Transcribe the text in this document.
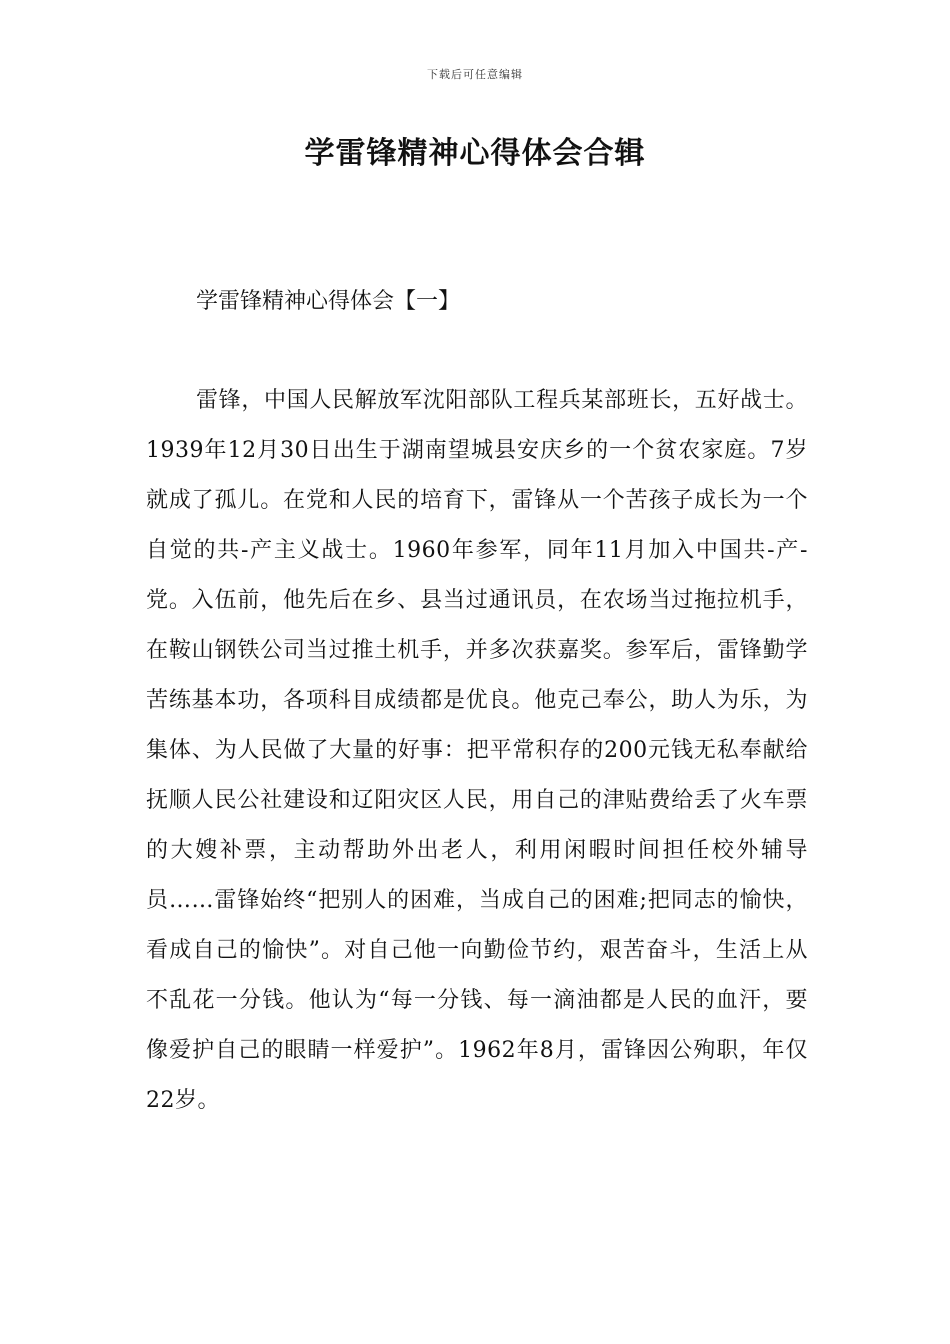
下载后可任意编辑
学雷锋精神心得体会合辑
学雷锋精神心得体会【一】

雷锋，中国人民解放军沈阳部队工程兵某部班长，五好战士。1939年12月30日出生于湖南望城县安庆乡的一个贫农家庭。7岁就成了孤儿。在党和人民的培育下，雷锋从一个苦孩子成长为一个自觉的共-产主义战士。1960年参军，同年11月加入中国共-产-党。入伍前，他先后在乡、县当过通讯员，在农场当过拖拉机手，在鞍山钢铁公司当过推土机手，并多次获嘉奖。参军后，雷锋勤学苦练基本功，各项科目成绩都是优良。他克己奉公，助人为乐，为集体、为人民做了大量的好事：把平常积存的200元钱无私奉献给抚顺人民公社建设和辽阳灾区人民，用自己的津贴费给丢了火车票的大嫂补票，主动帮助外出老人，利用闲暇时间担任校外辅导员……雷锋始终“把别人的困难，当成自己的困难;把同志的愉快，看成自己的愉快”。对自己他一向勤俭节约，艰苦奋斗，生活上从不乱花一分钱。他认为“每一分钱、每一滴油都是人民的血汗，要像爱护自己的眼睛一样爱护”。1962年8月，雷锋因公殉职，年仅22岁。
